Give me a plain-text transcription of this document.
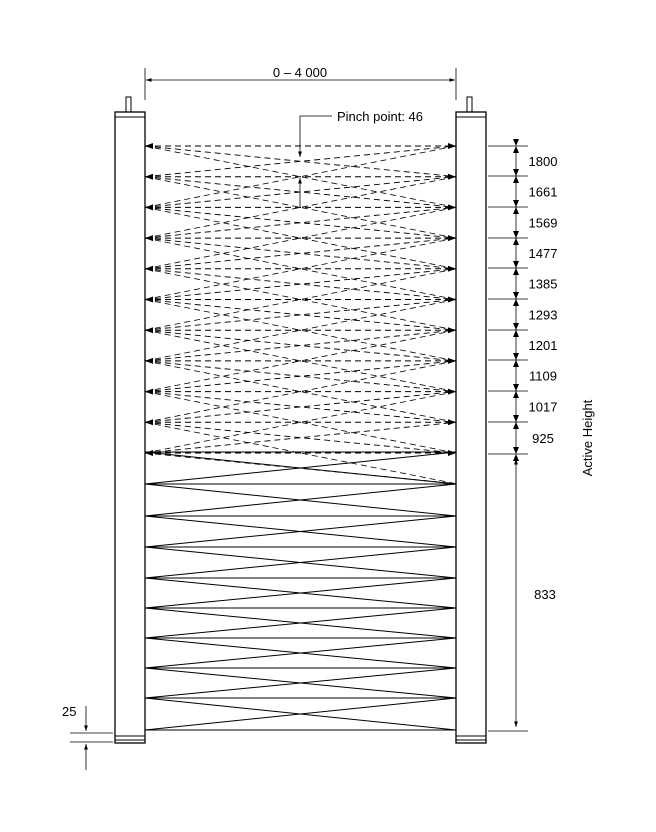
0 – 4 000
Pinch point: 46
833
1800
1661
1569
1477
1385
1293
1201
1109
1017
925 Active Height
25
